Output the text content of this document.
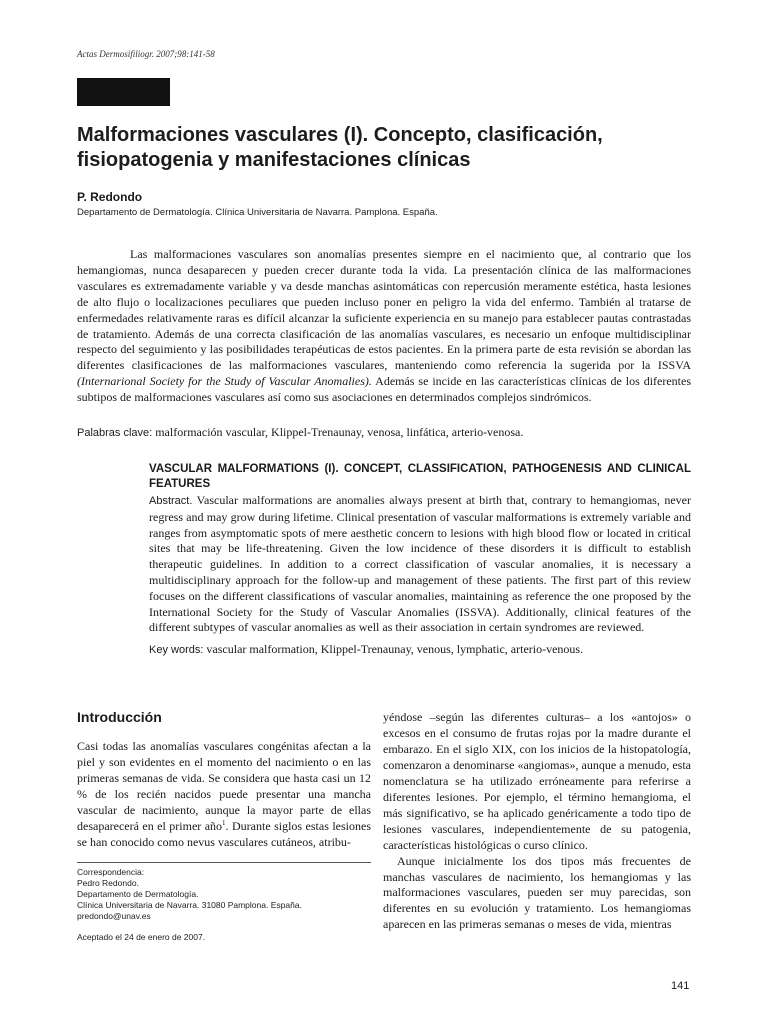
Actas Dermosifiliogr. 2007;98:141-58
Malformaciones vasculares (I). Concepto, clasificación, fisiopatogenia y manifestaciones clínicas
P. Redondo
Departamento de Dermatología. Clínica Universitaria de Navarra. Pamplona. España.

Las malformaciones vasculares son anomalías presentes siempre en el nacimiento que, al contrario que los hemangiomas, nunca desaparecen y pueden crecer durante toda la vida. La presentación clínica de las malformaciones vasculares es extremadamente variable y va desde manchas asintomáticas con repercusión meramente estética, hasta lesiones de alto flujo o localizaciones peculiares que pueden incluso poner en peligro la vida del enfermo. También al tratarse de enfermedades relativamente raras es difícil alcanzar la suficiente experiencia en su manejo para establecer pautas contrastadas de tratamiento. Además de una correcta clasificación de las anomalías vasculares, es necesario un enfoque multidisciplinar respecto del seguimiento y las posibilidades terapéuticas de estos pacientes. En la primera parte de esta revisión se abordan las diferentes clasificaciones de las malformaciones vasculares, manteniendo como referencia la sugerida por la ISSVA (Internarional Society for the Study of Vascular Anomalies). Además se incide en las características clínicas de los diferentes subtipos de malformaciones vasculares así como sus asociaciones en determinados complejos sindrómicos.

Palabras clave: malformación vascular, Klippel-Trenaunay, venosa, linfática, arterio-venosa.

VASCULAR MALFORMATIONS (I). CONCEPT, CLASSIFICATION, PATHOGENESIS AND CLINICAL FEATURES

Abstract. Vascular malformations are anomalies always present at birth that, contrary to hemangiomas, never regress and may grow during lifetime. Clinical presentation of vascular malformations is extremely variable and ranges from asymptomatic spots of mere aesthetic concern to lesions with high blood flow or located in critical sites that may be life-threatening. Given the low incidence of these disorders it is difficult to establish therapeutic guidelines. In addition to a correct classification of vascular anomalies, it is necessary a multidisciplinary approach for the follow-up and management of these patients. The first part of this review focuses on the different classifications of vascular anomalies, maintaining as reference the one proposed by the International Society for the Study of Vascular Anomalies (ISSVA). Additionally, clinical features of the different subtypes of vascular anomalies as well as their association in certain syndromes are reviewed.

Key words: vascular malformation, Klippel-Trenaunay, venous, lymphatic, arterio-venous.

Introducción

Casi todas las anomalías vasculares congénitas afectan a la piel y son evidentes en el momento del nacimiento o en las primeras semanas de vida. Se considera que hasta casi un 12 % de los recién nacidos puede presentar una mancha vascular de nacimiento, aunque la mayor parte de ellas desaparecerá en el primer año$^1$. Durante siglos estas lesiones se han conocido como nevus vasculares cutáneos, atribu-

Correspondencia:
Pedro Redondo.
Departamento de Dermatología.
Clínica Universitaria de Navarra. 31080 Pamplona. España.
predondo@unav.es
Aceptado el 24 de enero de 2007.

yéndose –según las diferentes culturas– a los «antojos» o excesos en el consumo de frutas rojas por la madre durante el embarazo. En el siglo XIX, con los inicios de la histopatología, comenzaron a denominarse «angiomas», aunque a menudo, esta nomenclatura se ha utilizado erróneamente para referirse a diferentes lesiones. Por ejemplo, el término hemangioma, el más significativo, se ha aplicado genéricamente a todo tipo de lesiones vasculares, independientemente de su patogenia, características histológicas o curso clínico.

Aunque inicialmente los dos tipos más frecuentes de manchas vasculares de nacimiento, los hemangiomas y las malformaciones vasculares, pueden ser muy parecidas, son diferentes en su evolución y tratamiento. Los hemangiomas aparecen en las primeras semanas o meses de vida, mientras

141
